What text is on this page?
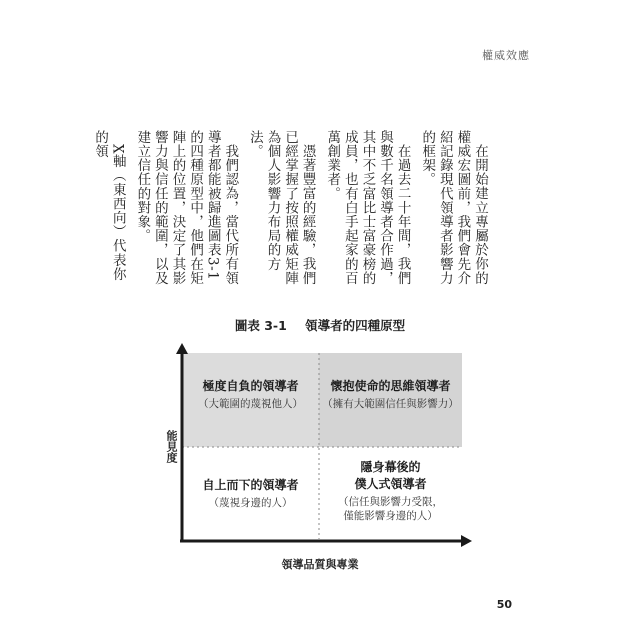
權威效應

在開始建立專屬於你的權威宏圖前，我們會先介紹記錄現代領導者影響力的框架。

在過去二十年間，我們與數千名領導者合作過，其中不乏富比士富豪榜的成員，也有白手起家的百萬創業者。

憑著豐富的經驗，我們已經掌握了按照權威矩陣為個人影響力布局的方法。

我們認為，當代所有領導者都能被歸進圖表3-1的四種原型中，他們在矩陣上的位置，決定了其影響力與信任的範圍，以及建立信任的對象。

X軸（東西向）代表你的領

圖表 3-1 領導者的四種原型
能見度
極度自負的領導者
（大範圍的蔑視他人）
懷抱使命的思維領導者
（擁有大範圍信任與影響力）
自上而下的領導者
（蔑視身邊的人）
隱身幕後的
僕人式領導者
（信任與影響力受限，
僅能影響身邊的人）
領導品質與專業
50
